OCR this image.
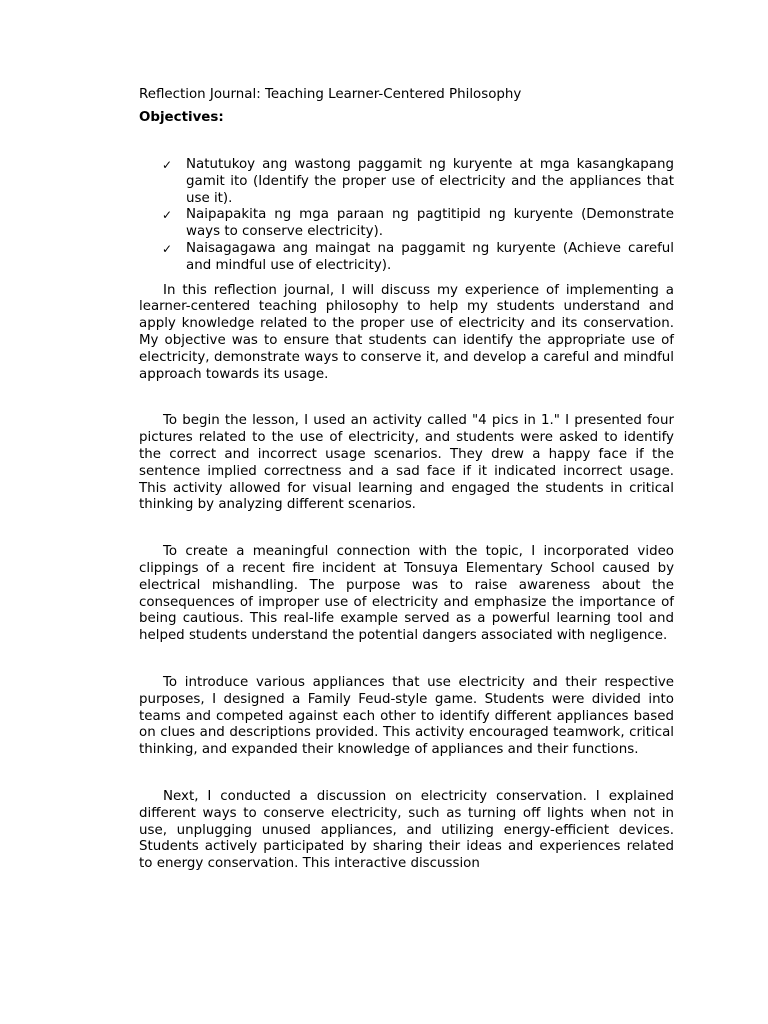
Reflection Journal: Teaching Learner-Centered Philosophy
Objectives:
✓ Natutukoy ang wastong paggamit ng kuryente at mga kasangkapang gamit ito (Identify the proper use of electricity and the appliances that use it).
✓ Naipapakita ng mga paraan ng pagtitipid ng kuryente (Demonstrate ways to conserve electricity).
✓ Naisagagawa ang maingat na paggamit ng kuryente (Achieve careful and mindful use of electricity).

In this reflection journal, I will discuss my experience of implementing a learner-centered teaching philosophy to help my students understand and apply knowledge related to the proper use of electricity and its conservation. My objective was to ensure that students can identify the appropriate use of electricity, demonstrate ways to conserve it, and develop a careful and mindful approach towards its usage.

To begin the lesson, I used an activity called "4 pics in 1." I presented four pictures related to the use of electricity, and students were asked to identify the correct and incorrect usage scenarios. They drew a happy face if the sentence implied correctness and a sad face if it indicated incorrect usage. This activity allowed for visual learning and engaged the students in critical thinking by analyzing different scenarios.

To create a meaningful connection with the topic, I incorporated video clippings of a recent fire incident at Tonsuya Elementary School caused by electrical mishandling. The purpose was to raise awareness about the consequences of improper use of electricity and emphasize the importance of being cautious. This real-life example served as a powerful learning tool and helped students understand the potential dangers associated with negligence.

To introduce various appliances that use electricity and their respective purposes, I designed a Family Feud-style game. Students were divided into teams and competed against each other to identify different appliances based on clues and descriptions provided. This activity encouraged teamwork, critical thinking, and expanded their knowledge of appliances and their functions.

Next, I conducted a discussion on electricity conservation. I explained different ways to conserve electricity, such as turning off lights when not in use, unplugging unused appliances, and utilizing energy-efficient devices. Students actively participated by sharing their ideas and experiences related to energy conservation. This interactive discussion
